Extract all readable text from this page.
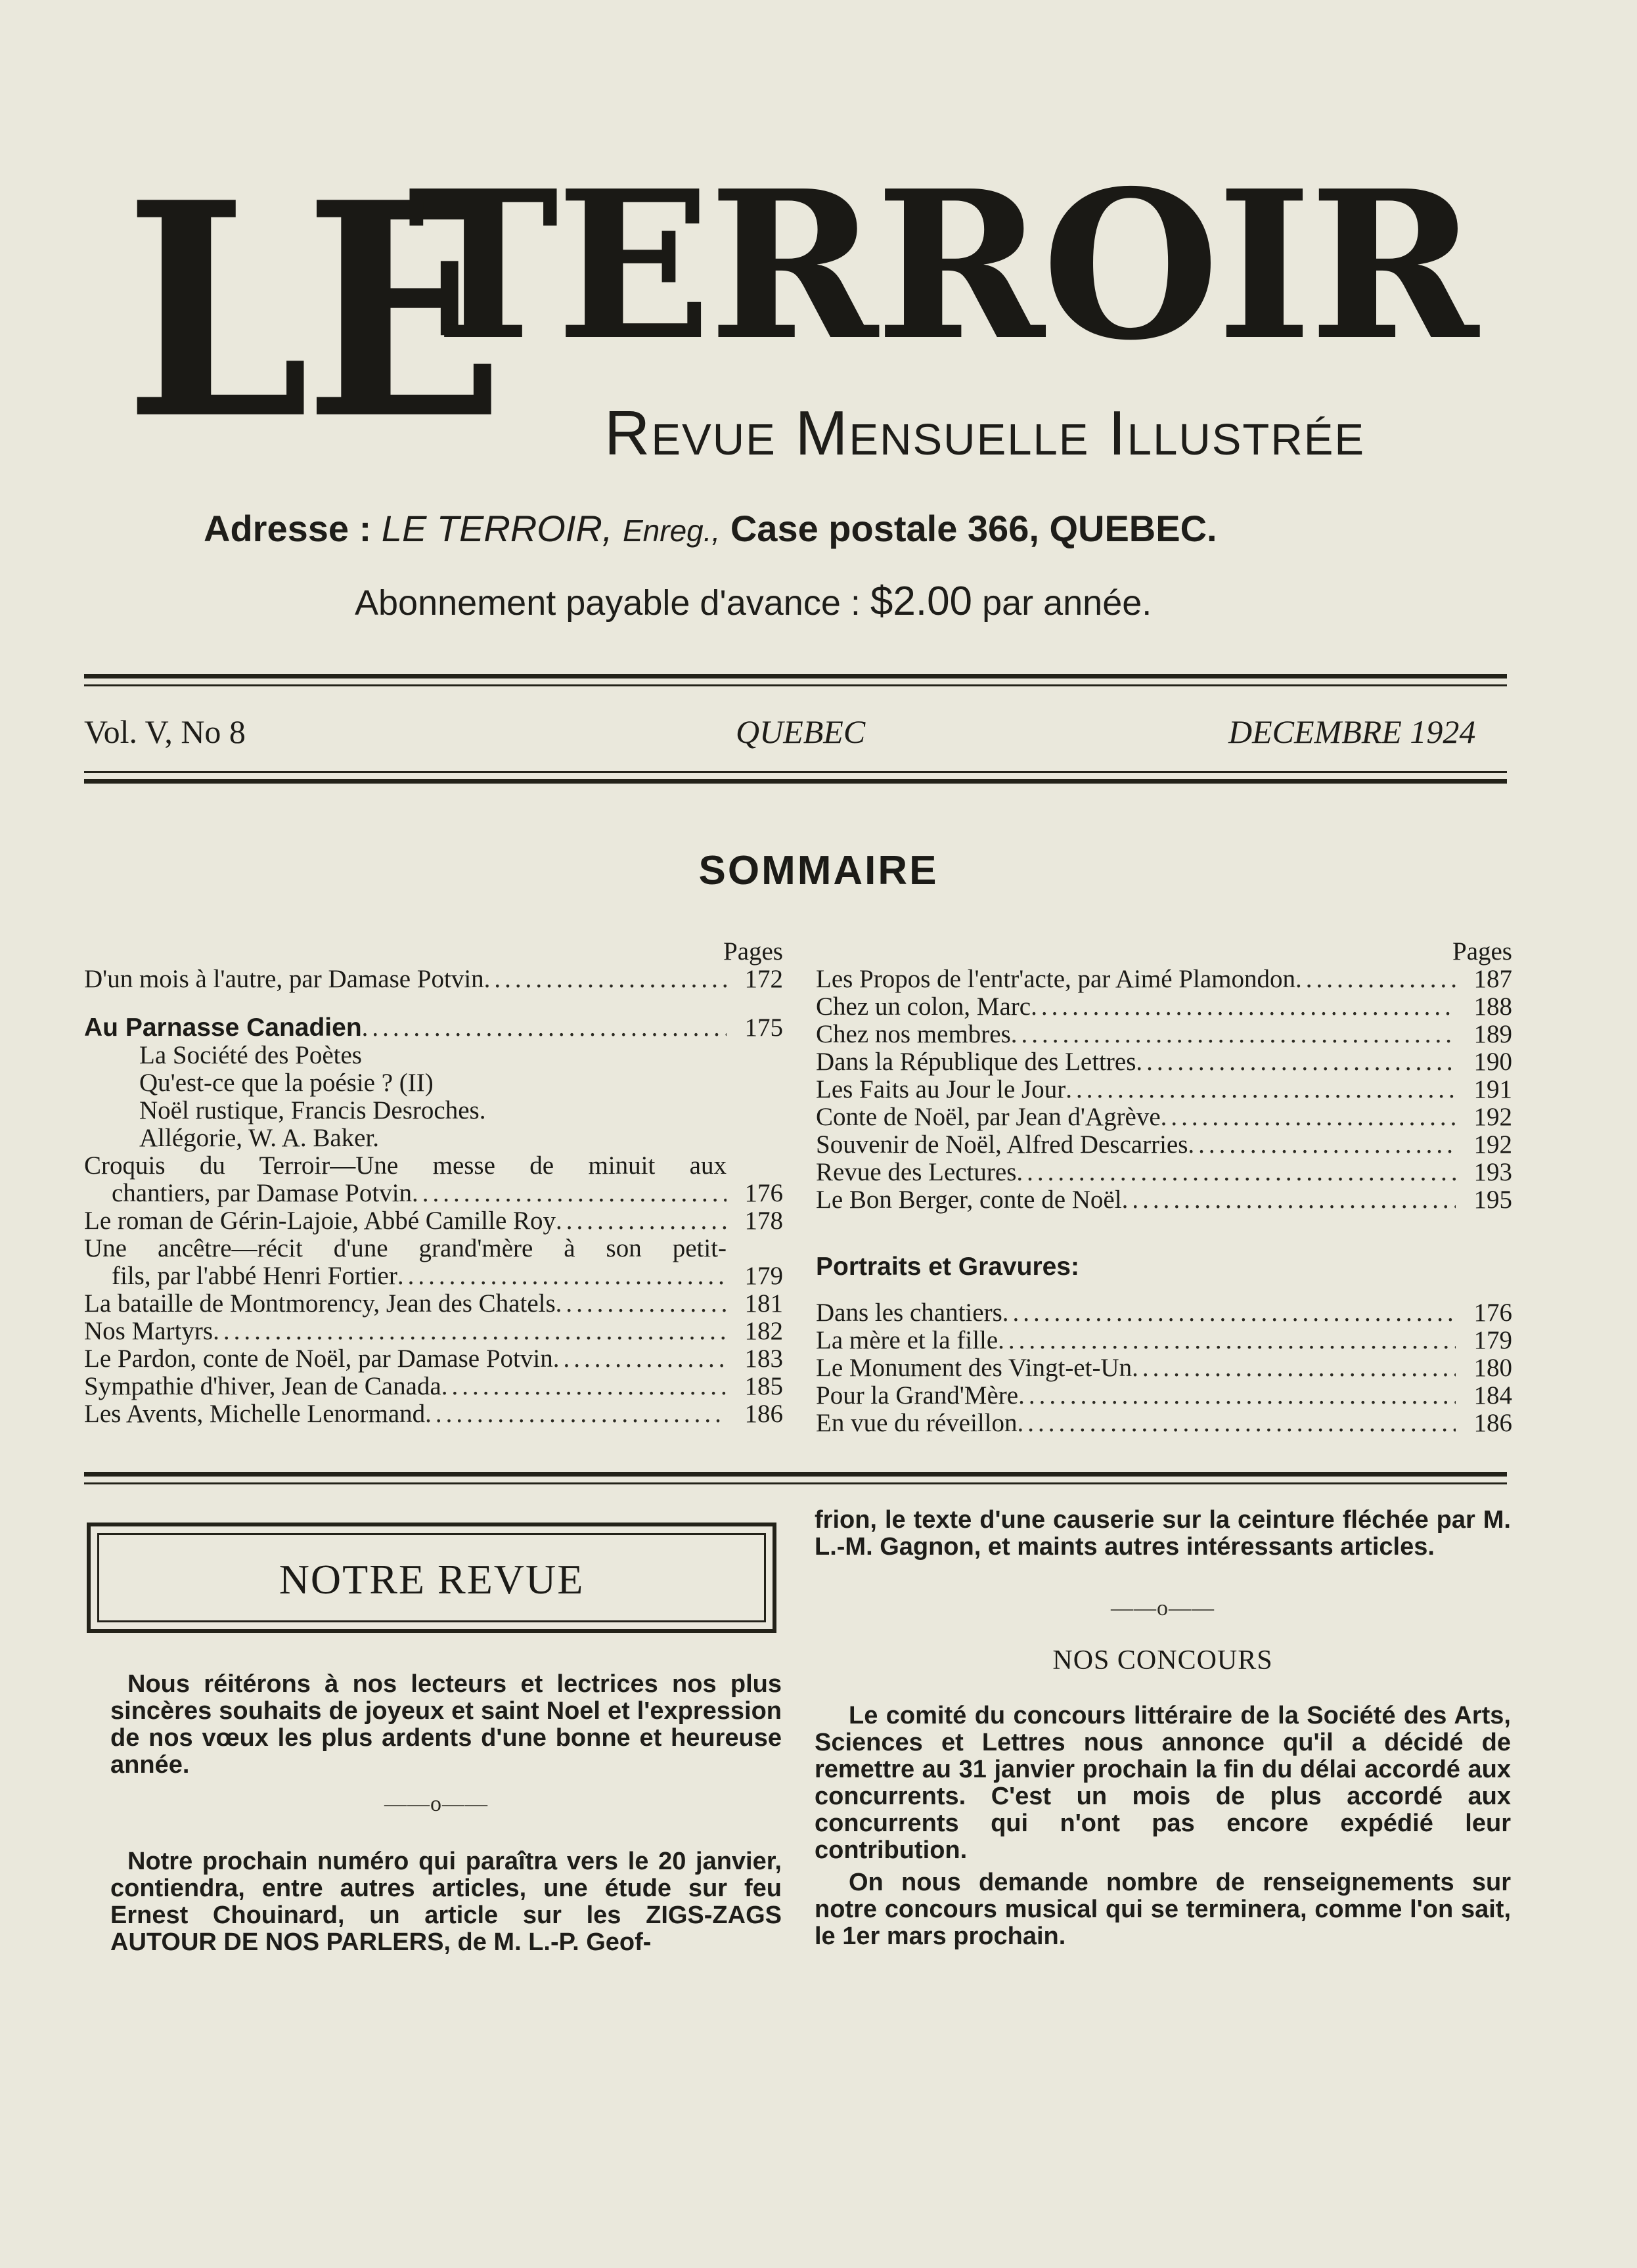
LE
TERROIR
Revue Mensuelle Illustrée
Adresse : LE TERROIR, Enreg., Case postale 366, QUEBEC.
Abonnement payable d'avance : $2.00 par année.
Vol. V, No 8	QUEBEC	DECEMBRE 1924
SOMMAIRE
Pages
D'un mois à l'autre, par Damase Potvin .....	172
Au Parnasse Canadien .....	175
La Société des Poètes
Qu'est-ce que la poésie ? (II)
Noël rustique, Francis Desroches.
Allégorie, W. A. Baker.
Croquis du Terroir—Une messe de minuit aux
chantiers, par Damase Potvin .....	176
Le roman de Gérin-Lajoie, Abbé Camille Roy .....	178
Une ancêtre—récit d'une grand'mère à son petit-
fils, par l'abbé Henri Fortier .....	179
La bataille de Montmorency, Jean des Chatels .....	181
Nos Martyrs .....	182
Le Pardon, conte de Noël, par Damase Potvin .....	183
Sympathie d'hiver, Jean de Canada .....	185
Les Avents, Michelle Lenormand .....	186
Pages
Les Propos de l'entr'acte, par Aimé Plamondon .....	187
Chez un colon, Marc .....	188
Chez nos membres .....	189
Dans la République des Lettres .....	190
Les Faits au Jour le Jour .....	191
Conte de Noël, par Jean d'Agrève .....	192
Souvenir de Noël, Alfred Descarries .....	192
Revue des Lectures .....	193
Le Bon Berger, conte de Noël .....	195
Portraits et Gravures:
Dans les chantiers .....	176
La mère et la fille .....	179
Le Monument des Vingt-et-Un .....	180
Pour la Grand'Mère .....	184
En vue du réveillon .....	186
NOTRE REVUE
Nous réitérons à nos lecteurs et lectrices nos plus sincères souhaits de joyeux et saint Noel et l'expression de nos vœux les plus ardents d'une bonne et heureuse année.
——o——
Notre prochain numéro qui paraîtra vers le 20 janvier, contiendra, entre autres articles, une étude sur feu Ernest Chouinard, un article sur les ZIGS-ZAGS AUTOUR DE NOS PARLERS, de M. L.-P. Geof-
frion, le texte d'une causerie sur la ceinture fléchée par M. L.-M. Gagnon, et maints autres intéressants articles.
——o——
NOS CONCOURS
Le comité du concours littéraire de la Société des Arts, Sciences et Lettres nous annonce qu'il a décidé de remettre au 31 janvier prochain la fin du délai accordé aux concurrents. C'est un mois de plus accordé aux concurrents qui n'ont pas encore expédié leur contribution.
On nous demande nombre de renseignements sur notre concours musical qui se terminera, comme l'on sait, le 1er mars prochain.
